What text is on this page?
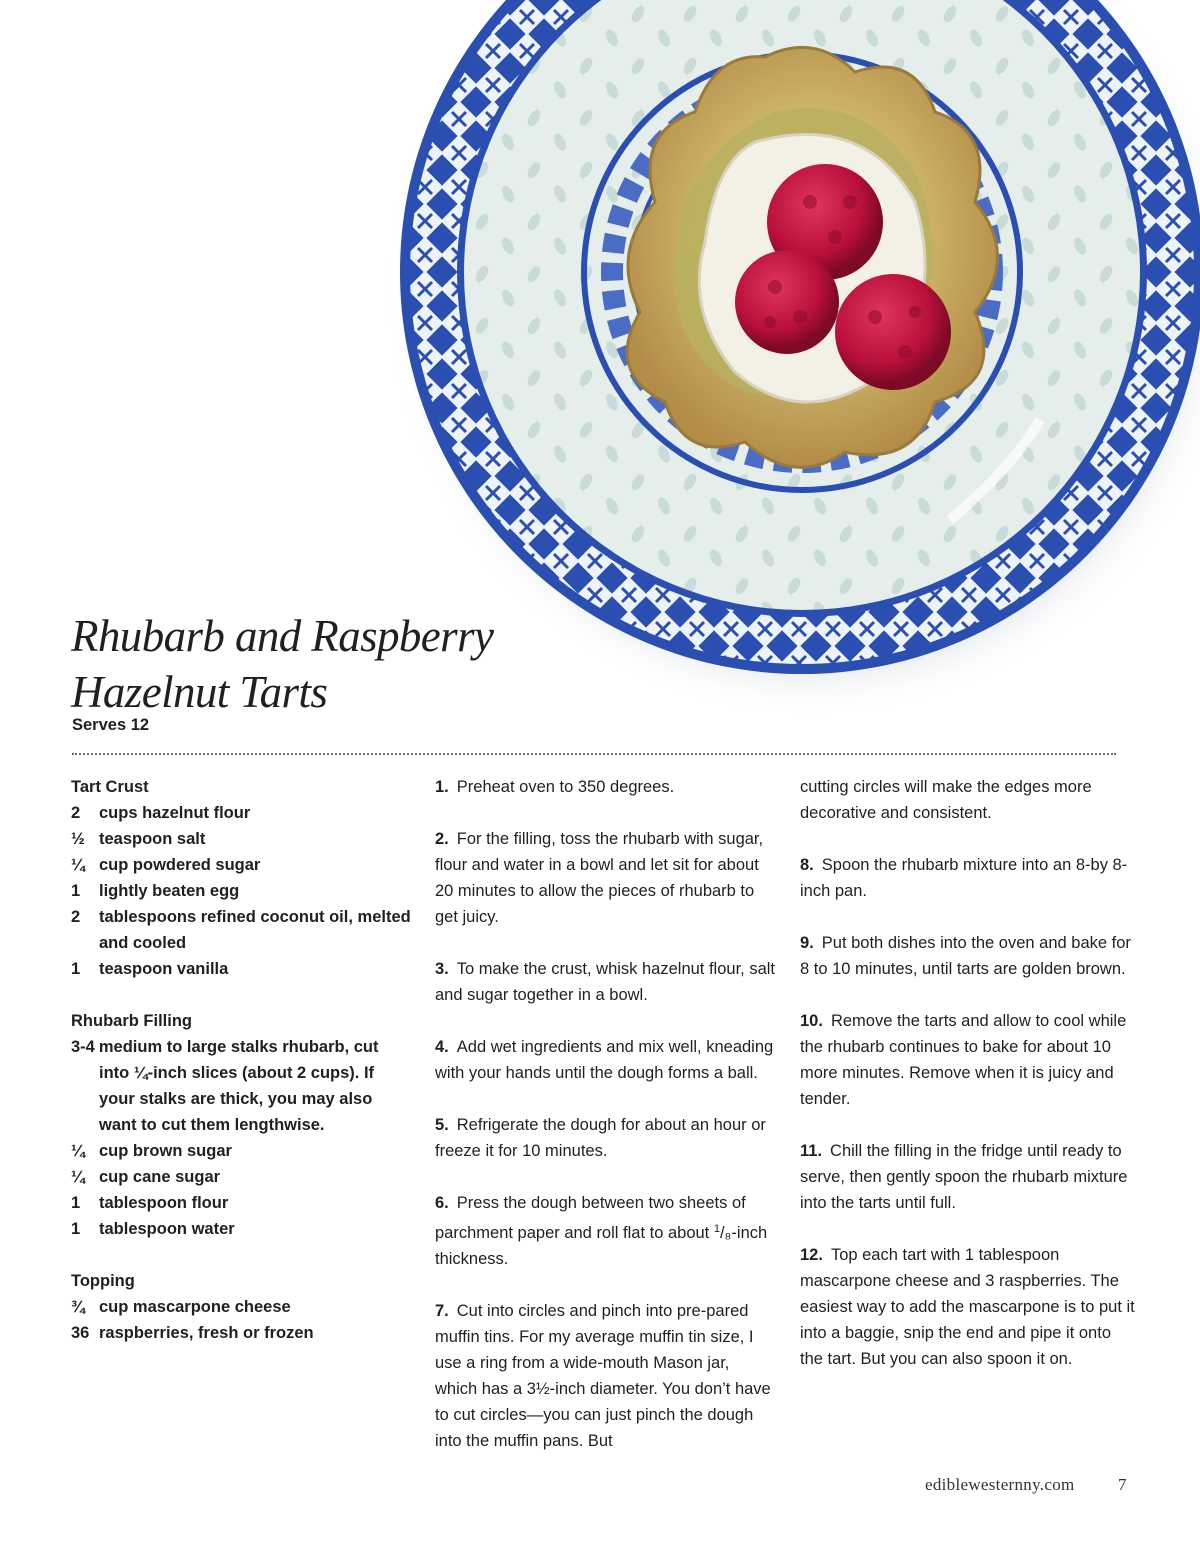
Rhubarb and Raspberry
Hazelnut Tarts
Serves 12

Tart Crust

2	cups hazelnut flour

½ teaspoon salt

¼ cup powdered sugar

1	lightly beaten egg

2	tablespoons refined coconut oil, melted and cooled

1	teaspoon vanilla

Rhubarb Filling

3-4 medium to large stalks rhubarb, cut into ¼-inch slices (about 2 cups). If your stalks are thick, you may also want to cut them lengthwise.

¼ cup brown sugar

¼ cup cane sugar

1	tablespoon flour

1	tablespoon water

Topping

¾ cup mascarpone cheese

36 raspberries, fresh or frozen

1. Preheat oven to 350 degrees.

2. For the filling, toss the rhubarb with sugar, flour and water in a bowl and let sit for about 20 minutes to allow the pieces of rhubarb to get juicy.

3. To make the crust, whisk hazelnut flour, salt and sugar together in a bowl.

4. Add wet ingredients and mix well, kneading with your hands until the dough forms a ball.

5. Refrigerate the dough for about an hour or freeze it for 10 minutes.

6. Press the dough between two sheets of parchment paper and roll flat to about $^1$/₈-inch thickness.

7. Cut into circles and pinch into pre-pared muffin tins. For my average muffin tin size, I use a ring from a wide-mouth Mason jar, which has a 3½-inch diameter. You don’t have to cut circles—you can just pinch the dough into the muffin pans. But

cutting circles will make the edges more decorative and consistent.

8. Spoon the rhubarb mixture into an 8-by 8-inch pan.

9. Put both dishes into the oven and bake for 8 to 10 minutes, until tarts are golden brown.

10. Remove the tarts and allow to cool while the rhubarb continues to bake for about 10 more minutes. Remove when it is juicy and tender.

11. Chill the filling in the fridge until ready to serve, then gently spoon the rhubarb mixture into the tarts until full.

12. Top each tart with 1 tablespoon mascarpone cheese and 3 raspberries. The easiest way to add the mascarpone is to put it into a baggie, snip the end and pipe it onto the tart. But you can also spoon it on.

ediblewesternny.com	7
